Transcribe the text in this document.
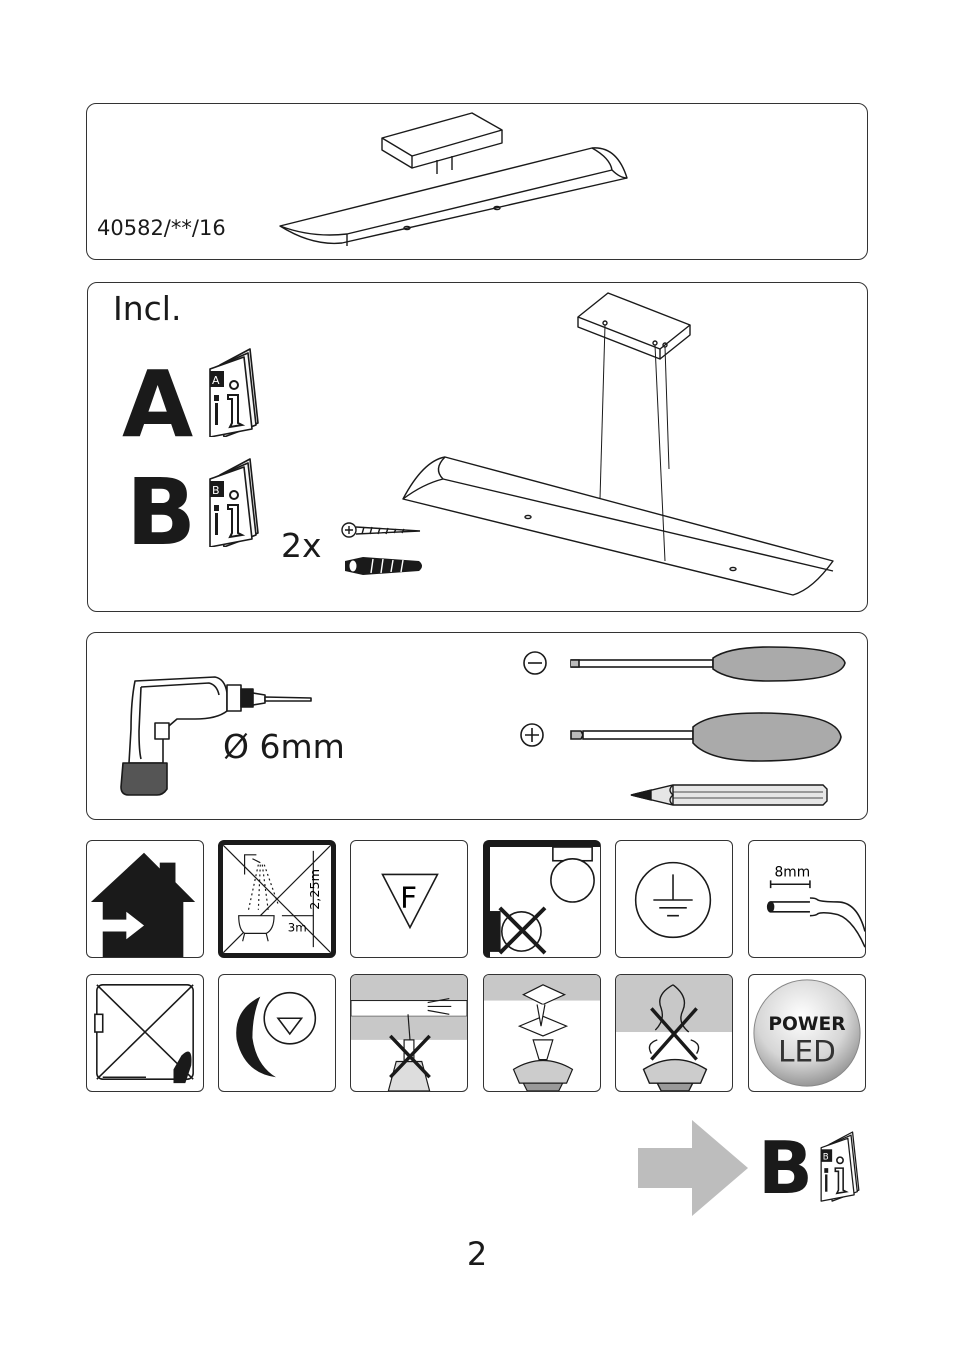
40582/**/16
Incl.
A A
B B
2x
Ø 6mm
2,25m
3m
F
8mm
POWER
LED
B B
2
